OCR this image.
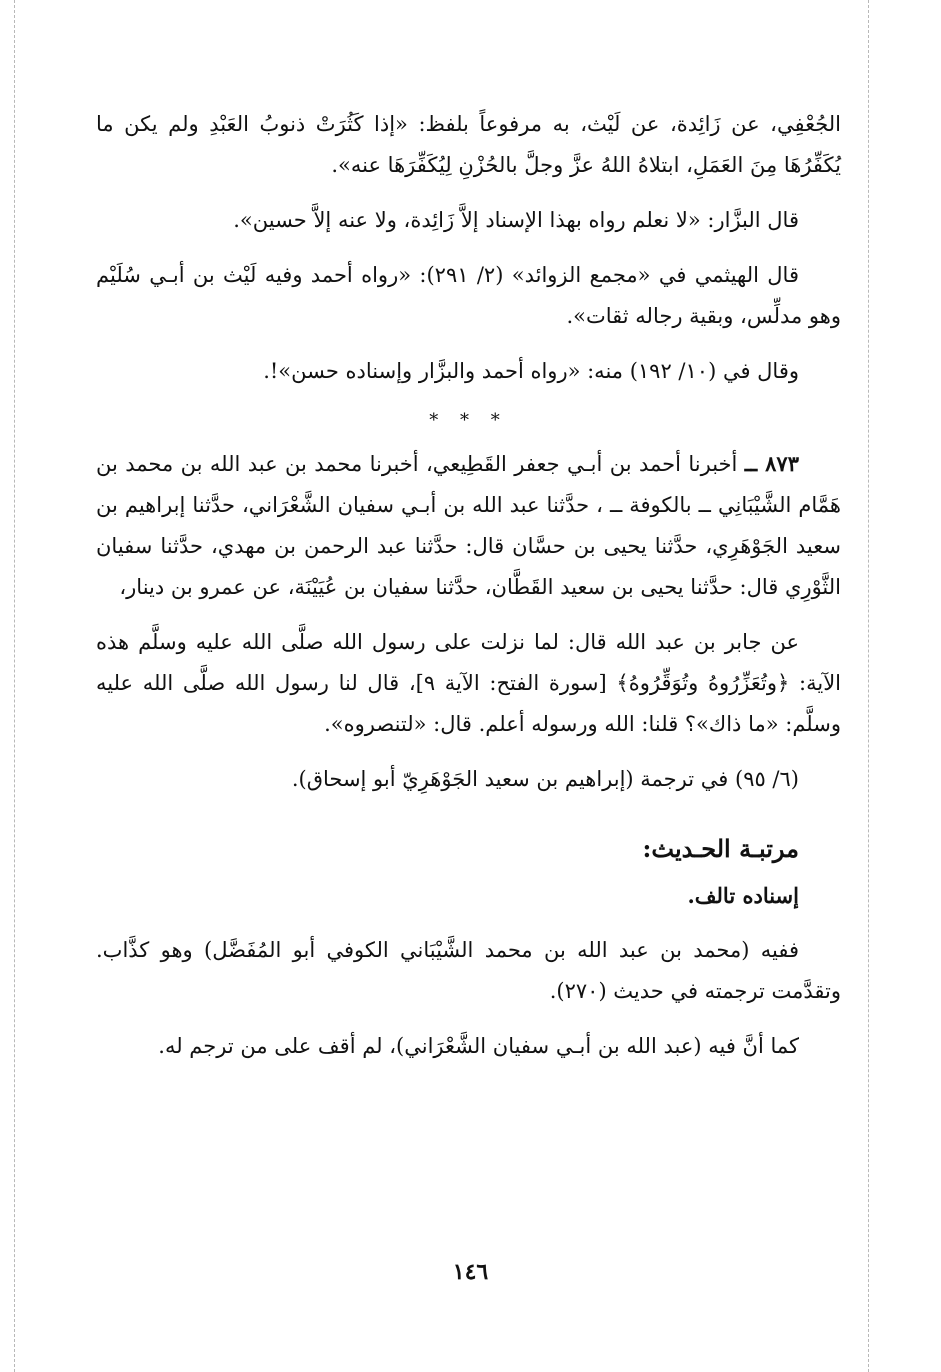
الجُعْفِي، عن زَائِدة، عن لَيْث، به مرفوعاً بلفظ: «إذا كَثُرَتْ ذنوبُ العَبْدِ ولم يكن ما يُكَفِّرُهَا مِنَ العَمَلِ، ابتلاهُ اللهُ عزَّ وجلَّ بالحُزْنِ لِيُكَفِّرَهَا عنه».

قال البزَّار: «لا نعلم رواه بهذا الإسناد إلاَّ زَائِدة، ولا عنه إلاَّ حسين».

قال الهيثمي في «مجمع الزوائد» (٢/ ٢٩١): «رواه أحمد وفيه لَيْث بن أبـي سُلَيْم وهو مدلِّس، وبقية رجاله ثقات».

وقال في (١٠/ ١٩٢) منه: «رواه أحمد والبزَّار وإسناده حسن»!.

* * *

٨٧٣ ــ أخبرنا أحمد بن أبـي جعفر القَطِيعي، أخبرنا محمد بن عبد الله بن محمد بن هَمَّام الشَّيْبَانِي ــ بالكوفة ــ ، حدَّثنا عبد الله بن أبـي سفيان الشَّعْرَاني، حدَّثنا إبراهيم بن سعيد الجَوْهَرِي، حدَّثنا يحيى بن حسَّان قال: حدَّثنا عبد الرحمن بن مهدي، حدَّثنا سفيان الثَّوْرِي قال: حدَّثنا يحيى بن سعيد القَطَّان، حدَّثنا سفيان بن عُيَيْنَة، عن عمرو بن دينار،

عن جابر بن عبد الله قال: لما نزلت على رسول الله صلَّى الله عليه وسلَّم هذه الآية: ﴿وتُعَزِّرُوهُ وتُوَقِّرُوهُ﴾ [سورة الفتح: الآية ٩]، قال لنا رسول الله صلَّى الله عليه وسلَّم: «ما ذاك»؟ قلنا: الله ورسوله أعلم. قال: «لتنصروه».

(٦/ ٩٥) في ترجمة (إبراهيم بن سعيد الجَوْهَرِيّ أبو إسحاق).

مرتبـة الحـديث:

إسناده تالف.

ففيه (محمد بن عبد الله بن محمد الشَّيْبَاني الكوفي أبو المُفَضَّل) وهو كذَّاب. وتقدَّمت ترجمته في حديث (٢٧٠).

كما أنَّ فيه (عبد الله بن أبـي سفيان الشَّعْرَاني)، لم أقف على من ترجم له.

١٤٦
